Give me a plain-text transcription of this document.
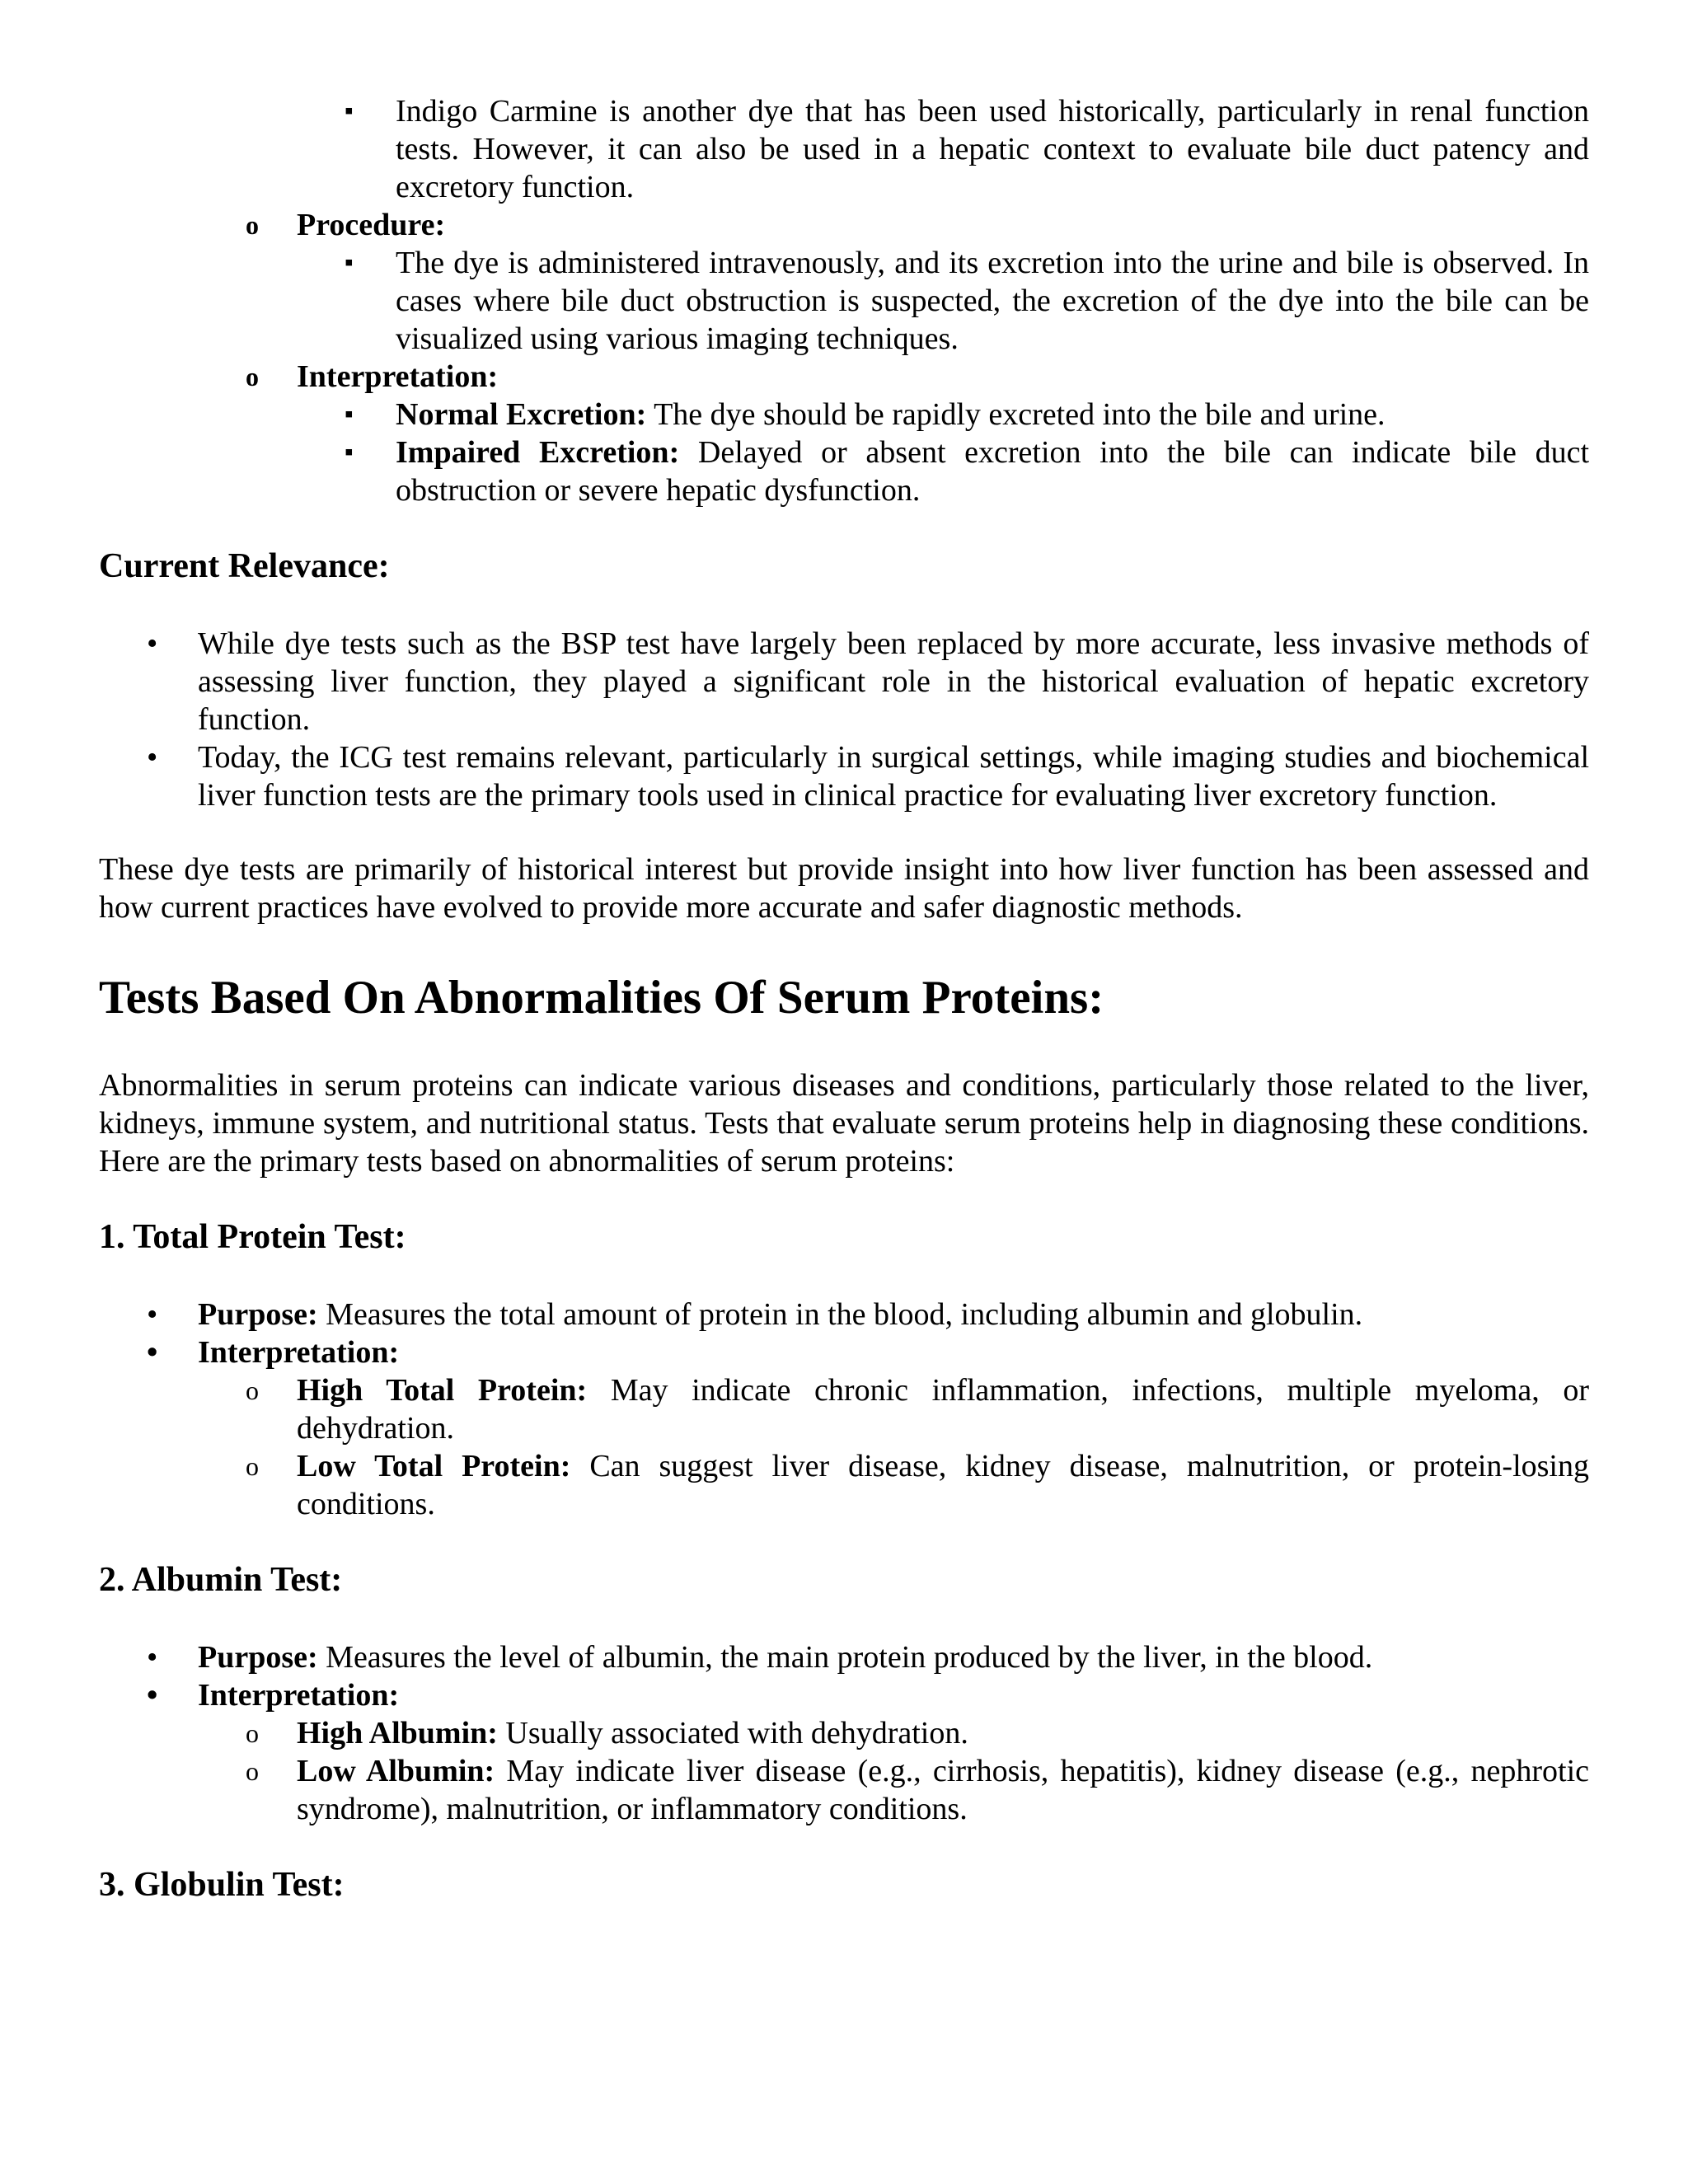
▪ Indigo Carmine is another dye that has been used historically, particularly in renal function tests. However, it can also be used in a hepatic context to evaluate bile duct patency and excretory function.
o Procedure:
▪ The dye is administered intravenously, and its excretion into the urine and bile is observed. In cases where bile duct obstruction is suspected, the excretion of the dye into the bile can be visualized using various imaging techniques.
o Interpretation:
▪ Normal Excretion: The dye should be rapidly excreted into the bile and urine.
▪ Impaired Excretion: Delayed or absent excretion into the bile can indicate bile duct obstruction or severe hepatic dysfunction.
Current Relevance:
• While dye tests such as the BSP test have largely been replaced by more accurate, less invasive methods of assessing liver function, they played a significant role in the historical evaluation of hepatic excretory function.
• Today, the ICG test remains relevant, particularly in surgical settings, while imaging studies and biochemical liver function tests are the primary tools used in clinical practice for evaluating liver excretory function.

These dye tests are primarily of historical interest but provide insight into how liver function has been assessed and how current practices have evolved to provide more accurate and safer diagnostic methods.

Tests Based On Abnormalities Of Serum Proteins:

Abnormalities in serum proteins can indicate various diseases and conditions, particularly those related to the liver, kidneys, immune system, and nutritional status. Tests that evaluate serum proteins help in diagnosing these conditions. Here are the primary tests based on abnormalities of serum proteins:

1. Total Protein Test:
• Purpose: Measures the total amount of protein in the blood, including albumin and globulin.
• Interpretation:
o High Total Protein: May indicate chronic inflammation, infections, multiple myeloma, or dehydration.
o Low Total Protein: Can suggest liver disease, kidney disease, malnutrition, or protein-losing conditions.
2. Albumin Test:
• Purpose: Measures the level of albumin, the main protein produced by the liver, in the blood.
• Interpretation:
o High Albumin: Usually associated with dehydration.
o Low Albumin: May indicate liver disease (e.g., cirrhosis, hepatitis), kidney disease (e.g., nephrotic syndrome), malnutrition, or inflammatory conditions.
3. Globulin Test:
